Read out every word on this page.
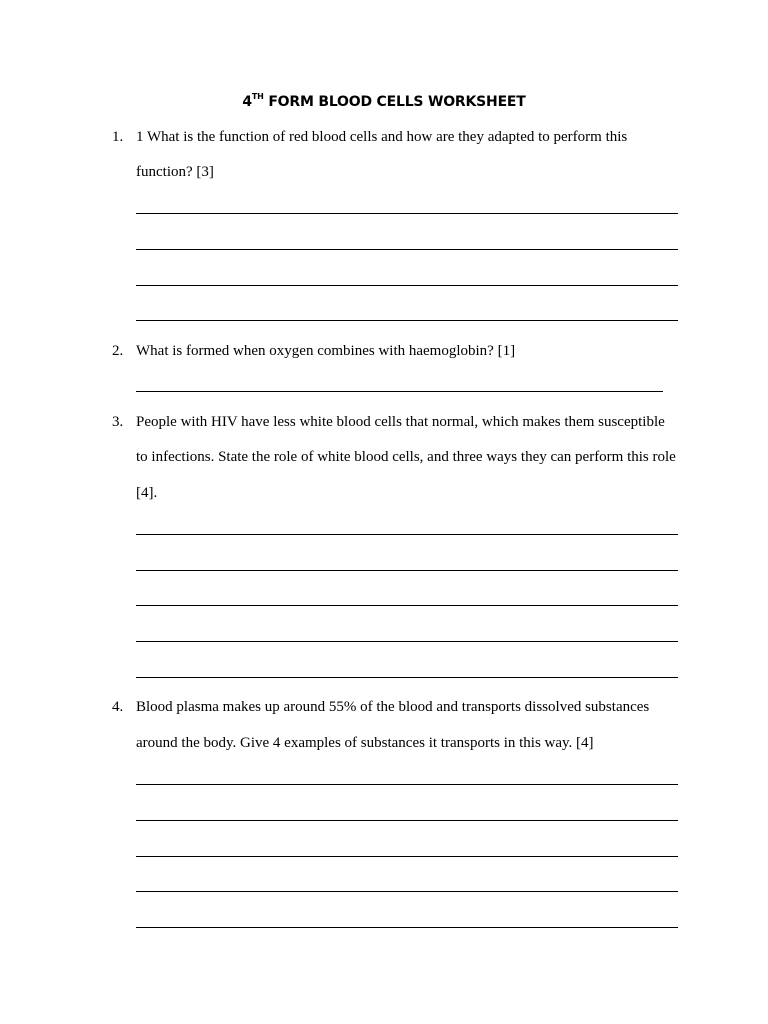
4TH FORM BLOOD CELLS WORKSHEET
1. 1 What is the function of red blood cells and how are they adapted to perform this
function? [3]
2. What is formed when oxygen combines with haemoglobin? [1]
3. People with HIV have less white blood cells that normal, which makes them susceptible
to infections. State the role of white blood cells, and three ways they can perform this role
[4].
4. Blood plasma makes up around 55% of the blood and transports dissolved substances
around the body. Give 4 examples of substances it transports in this way. [4]
